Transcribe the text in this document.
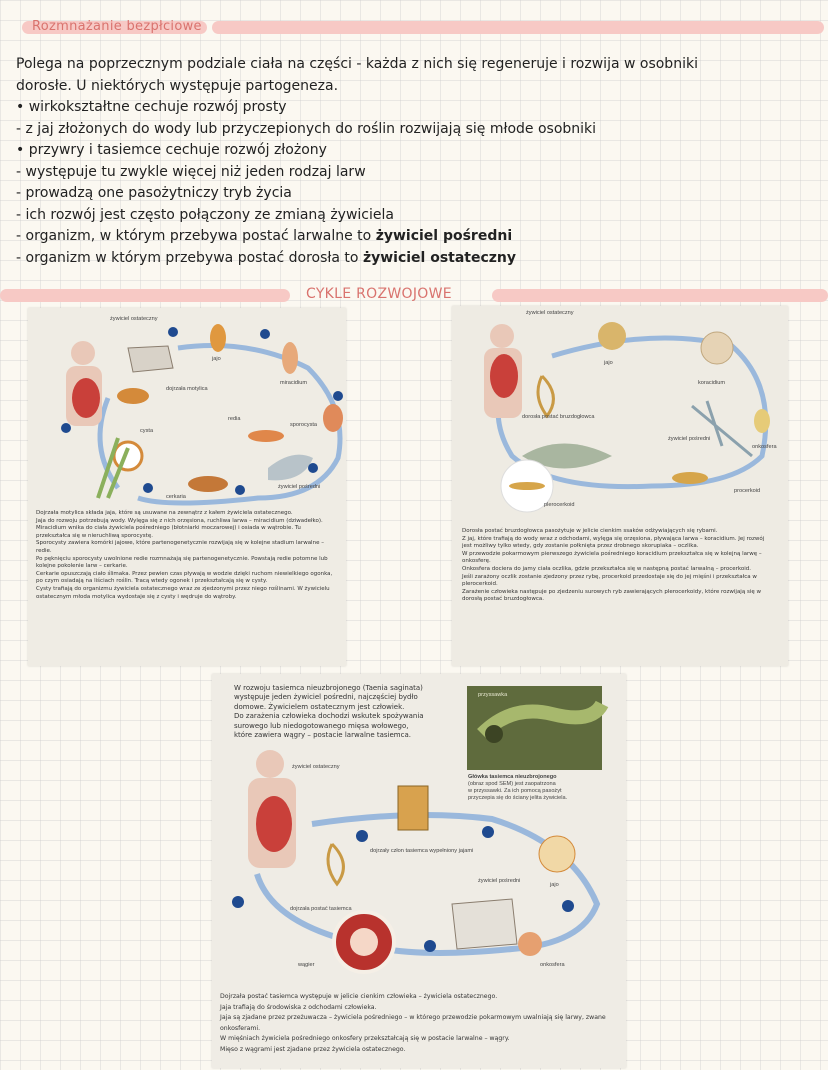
Rozmnażanie bezpłciowe
Polega na poprzecznym podziale ciała na części - każda z nich się regeneruje i rozwija w osobniki
dorosłe. U niektórych występuje partogeneza.
• wirkokształtne cechuje rozwój prosty
- z jaj złożonych do wody lub przyczepionych do roślin rozwijają się młode osobniki
• przywry i tasiemce cechuje rozwój złożony
- występuje tu zwykle więcej niż jeden rodzaj larw
- prowadzą one pasożytniczy tryb życia
- ich rozwój jest często połączony ze zmianą żywiciela
- organizm, w którym przebywa postać larwalne to żywiciel pośredni
- organizm w którym przebywa postać dorosła to żywiciel ostateczny
CYKLE ROZWOJOWE
żywiciel ostateczny
jajo
miracidium
dojrzała motylica
redia
sporocysta
cysta
cerkaria
żywiciel pośredni
Dojrzała motylica składa jaja, które są usuwane na zewnątrz z kałem żywiciela ostatecznego.
Jaja do rozwoju potrzebują wody. Wylęga się z nich orzęsiona, ruchliwa larwa – miracidium (dziwadełko).
Miracidium wnika do ciała żywiciela pośredniego (błotniarki moczarowej) i osiada w wątrobie. Tu przekształca się w nieruchliwą sporocystę.
Sporocysty zawiera komórki jajowe, które partenogenetycznie rozwijają się w kolejne stadium larwalne – redie.
Po pęknięciu sporocysty uwolnione redie rozmnażają się partenogenetycznie. Powstają redie potomne lub kolejne pokolenie larw – cerkarie.
Cerkarie opuszczają ciało ślimaka. Przez pewien czas pływają w wodzie dzięki ruchom niewielkiego ogonka, po czym osiadają na liściach roślin. Tracą wtedy ogonek i przekształcają się w cysty.
Cysty trafiają do organizmu żywiciela ostatecznego wraz ze zjedzonymi przez niego roślinami. W żywicielu ostatecznym młoda motylica wydostaje się z cysty i wędruje do wątroby.
żywiciel ostateczny
jajo
koracidium
dorosła postać bruzdogłowca
żywiciel pośredni
onkosfera
procerkoid
plerocerkoid
Dorosła postać bruzdogłowca pasożytuje w jelicie cienkim ssaków odżywiających się rybami.
Z jaj, które trafiają do wody wraz z odchodami, wylęga się orzęsiona, pływająca larwa – koracidium. Jej rozwój jest możliwy tylko wtedy, gdy zostanie połknięta przez drobnego skorupiaka – oczlika.
W przewodzie pokarmowym pierwszego żywiciela pośredniego koracidium przekształca się w kolejną larwę – onkosferę.
Onkosfera dociera do jamy ciała oczlika, gdzie przekształca się w następną postać larwalną – procerkoid.
Jeśli zarażony oczlik zostanie zjedzony przez rybę, procerkoid przedostaje się do jej mięśni i przekształca w plerocerkoid.
Zarażenie człowieka następuje po zjedzeniu surowych ryb zawierających plerocerkoidy, które rozwijają się w dorosłą postać bruzdogłowca.
W rozwoju tasiemca nieuzbrojonego (Taenia saginata)
występuje jeden żywiciel pośredni, najczęściej bydło
domowe. Żywicielem ostatecznym jest człowiek.
Do zarażenia człowieka dochodzi wskutek spożywania
surowego lub niedogotowanego mięsa wołowego,
które zawiera wągry – postacie larwalne tasiemca.
przyssawka
Główka tasiemca nieuzbrojonego
(obraz spod SEM) jest zaopatrzona
w przyssawki. Za ich pomocą pasożyt
przyczepia się do ściany jelita żywiciela.
żywiciel ostateczny
dojrzały człon tasiemca wypełniony jajami
jajo
dojrzała postać tasiemca
żywiciel pośredni
wągier	onkosfera
Dojrzała postać tasiemca występuje w jelicie cienkim człowieka – żywiciela ostatecznego.
Jaja trafiają do środowiska z odchodami człowieka.
Jaja są zjadane przez przeżuwacza – żywiciela pośredniego – w którego przewodzie pokarmowym uwalniają się larwy, zwane onkosferami.
W mięśniach żywiciela pośredniego onkosfery przekształcają się w postacie larwalne – wągry.
Mięso z wągrami jest zjadane przez żywiciela ostatecznego.
